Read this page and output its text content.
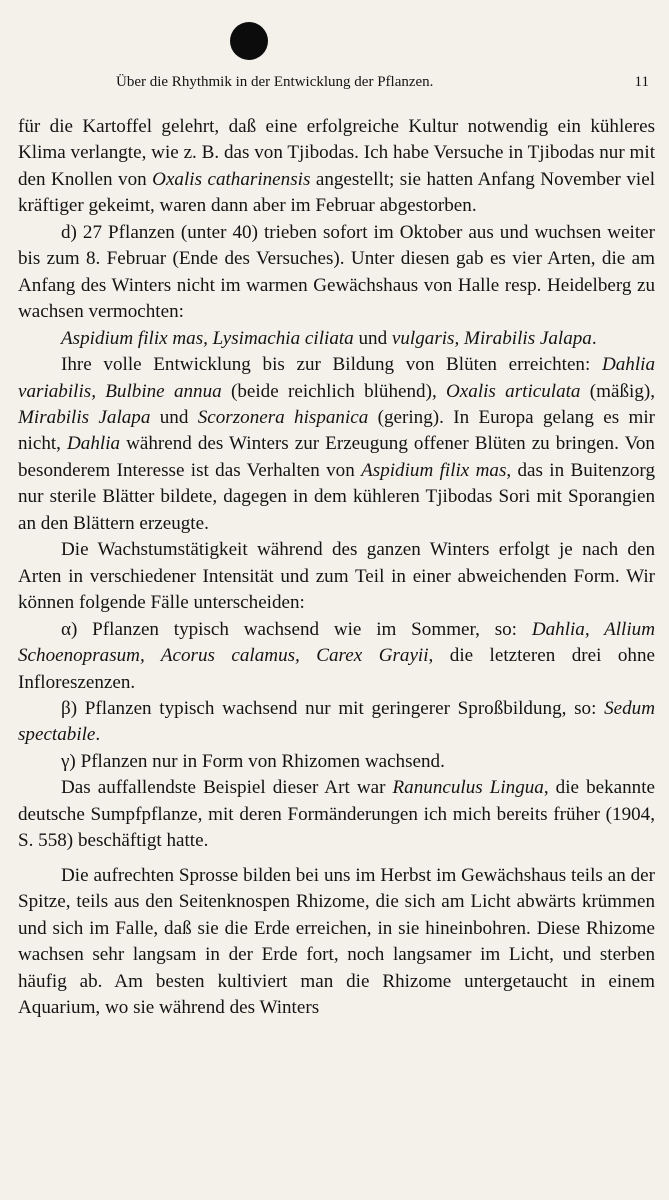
Über die Rhythmik in der Entwicklung der Pflanzen.	11

für die Kartoffel gelehrt, daß eine erfolgreiche Kultur notwendig ein kühleres Klima verlangte, wie z. B. das von Tjibodas. Ich habe Versuche in Tjibodas nur mit den Knollen von Oxalis catharinensis angestellt; sie hatten Anfang November viel kräftiger gekeimt, waren dann aber im Februar abgestorben.

d) 27 Pflanzen (unter 40) trieben sofort im Oktober aus und wuchsen weiter bis zum 8. Februar (Ende des Versuches). Unter diesen gab es vier Arten, die am Anfang des Winters nicht im warmen Gewächshaus von Halle resp. Heidelberg zu wachsen vermochten:

Aspidium filix mas, Lysimachia ciliata und vulgaris, Mirabilis Jalapa.

Ihre volle Entwicklung bis zur Bildung von Blüten erreichten: Dahlia variabilis, Bulbine annua (beide reichlich blühend), Oxalis articulata (mäßig), Mirabilis Jalapa und Scorzonera hispanica (gering). In Europa gelang es mir nicht, Dahlia während des Winters zur Erzeugung offener Blüten zu bringen. Von besonderem Interesse ist das Verhalten von Aspidium filix mas, das in Buitenzorg nur sterile Blätter bildete, dagegen in dem kühleren Tjibodas Sori mit Sporangien an den Blättern erzeugte.

Die Wachstumstätigkeit während des ganzen Winters erfolgt je nach den Arten in verschiedener Intensität und zum Teil in einer abweichenden Form. Wir können folgende Fälle unterscheiden:

α) Pflanzen typisch wachsend wie im Sommer, so: Dahlia, Allium Schoenoprasum, Acorus calamus, Carex Grayii, die letzteren drei ohne Infloreszenzen.

β) Pflanzen typisch wachsend nur mit geringerer Sproßbildung, so: Sedum spectabile.

γ) Pflanzen nur in Form von Rhizomen wachsend.

Das auffallendste Beispiel dieser Art war Ranunculus Lingua, die bekannte deutsche Sumpfpflanze, mit deren Formänderungen ich mich bereits früher (1904, S. 558) beschäftigt hatte.

Die aufrechten Sprosse bilden bei uns im Herbst im Gewächshaus teils an der Spitze, teils aus den Seitenknospen Rhizome, die sich am Licht abwärts krümmen und sich im Falle, daß sie die Erde erreichen, in sie hineinbohren. Diese Rhizome wachsen sehr langsam in der Erde fort, noch langsamer im Licht, und sterben häufig ab. Am besten kultiviert man die Rhizome untergetaucht in einem Aquarium, wo sie während des Winters
